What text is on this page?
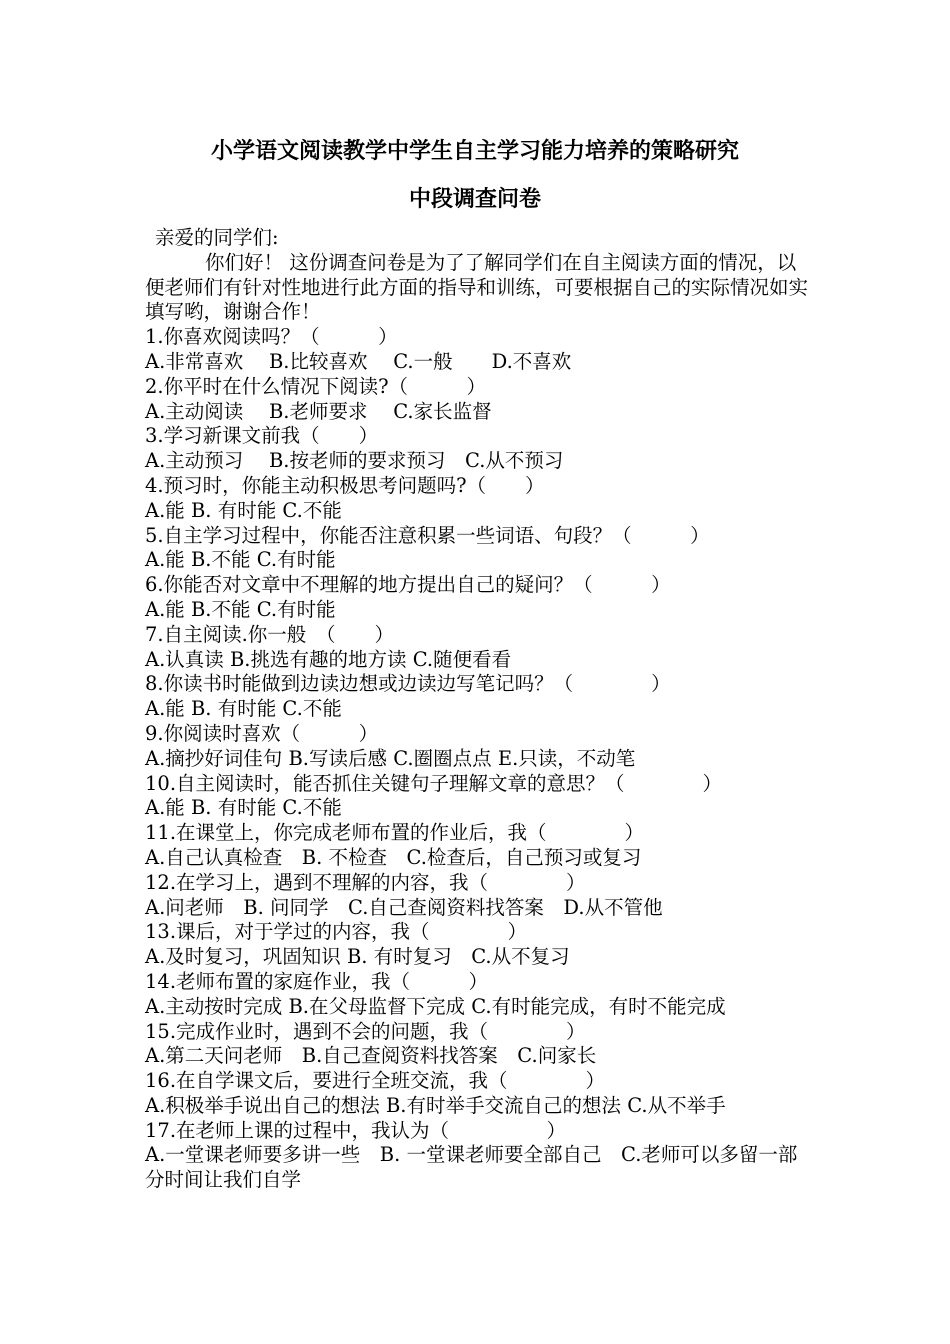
小学语文阅读教学中学生自主学习能力培养的策略研究
中段调查问卷
亲爱的同学们:
你们好！ 这份调查问卷是为了了解同学们在自主阅读方面的情况，以便老师们有针对性地进行此方面的指导和训练，可要根据自己的实际情况如实填写哟，谢谢合作！
1.你喜欢阅读吗？（　　　）
A.非常喜欢　 B.比较喜欢　 C.一般　　D.不喜欢
2.你平时在什么情况下阅读?（　　　）
A.主动阅读　 B.老师要求　 C.家长监督
3.学习新课文前我（　　）
A.主动预习　 B.按老师的要求预习　C.从不预习
4.预习时，你能主动积极思考问题吗?（　　）
A.能 B. 有时能 C.不能
5.自主学习过程中，你能否注意积累一些词语、句段？（　　　）
A.能 B.不能 C.有时能
6.你能否对文章中不理解的地方提出自己的疑问？（　　　）
A.能 B.不能 C.有时能
7.自主阅读.你一般　（　　）
A.认真读 B.挑选有趣的地方读 C.随便看看
8.你读书时能做到边读边想或边读边写笔记吗？（　　　　）
A.能 B. 有时能 C.不能
9.你阅读时喜欢（　　　）
A.摘抄好词佳句 B.写读后感 C.圈圈点点 E.只读，不动笔
10.自主阅读时，能否抓住关键句子理解文章的意思？（　　　　）
A.能 B. 有时能 C.不能
11.在课堂上，你完成老师布置的作业后，我（　　　　）
A.自己认真检查　B. 不检查　C.检查后，自己预习或复习
12.在学习上，遇到不理解的内容，我（　　　　）
A.问老师　B. 问同学　C.自己查阅资料找答案　D.从不管他
13.课后，对于学过的内容，我（　　　　）
A.及时复习，巩固知识 B. 有时复习　C.从不复习
14.老师布置的家庭作业，我（　　　）
A.主动按时完成 B.在父母监督下完成 C.有时能完成，有时不能完成
15.完成作业时，遇到不会的问题，我（　　　　）
A.第二天问老师　B.自己查阅资料找答案　C.问家长
16.在自学课文后，要进行全班交流，我（　　　　）
A.积极举手说出自己的想法 B.有时举手交流自己的想法 C.从不举手
17.在老师上课的过程中，我认为（　　　　　）
A.一堂课老师要多讲一些　B. 一堂课老师要全部自己　C.老师可以多留一部分时间让我们自学
